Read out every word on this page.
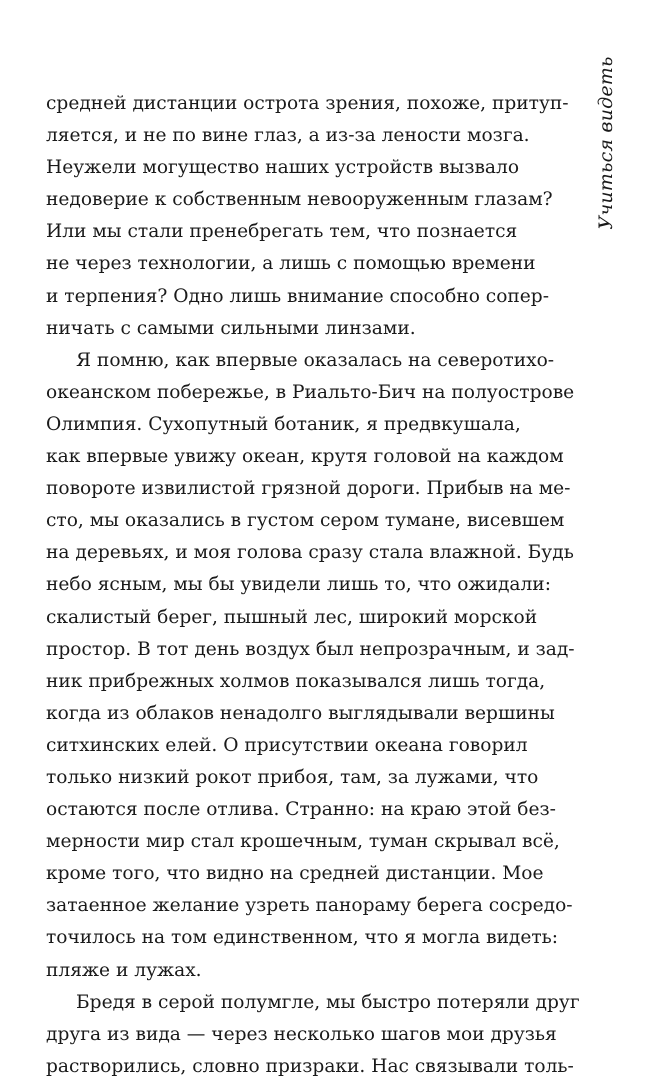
Учиться видеть
средней дистанции острота зрения, похоже, притуп-
ляется, и не по вине глаз, а из-за лености мозга.
Неужели могущество наших устройств вызвало
недоверие к собственным невооруженным глазам?
Или мы стали пренебрегать тем, что познается
не через технологии, а лишь с помощью времени
и терпения? Одно лишь внимание способно сопер-
ничать с самыми сильными линзами.
Я помню, как впервые оказалась на северотихо-
океанском побережье, в Риальто-Бич на полуострове
Олимпия. Сухопутный ботаник, я предвкушала,
как впервые увижу океан, крутя головой на каждом
повороте извилистой грязной дороги. Прибыв на ме-
сто, мы оказались в густом сером тумане, висевшем
на деревьях, и моя голова сразу стала влажной. Будь
небо ясным, мы бы увидели лишь то, что ожидали:
скалистый берег, пышный лес, широкий морской
простор. В тот день воздух был непрозрачным, и зад-
ник прибрежных холмов показывался лишь тогда,
когда из облаков ненадолго выглядывали вершины
ситхинских елей. О присутствии океана говорил
только низкий рокот прибоя, там, за лужами, что
остаются после отлива. Странно: на краю этой без-
мерности мир стал крошечным, туман скрывал всё,
кроме того, что видно на средней дистанции. Мое
затаенное желание узреть панораму берега сосредо-
точилось на том единственном, что я могла видеть:
пляже и лужах.
Бредя в серой полумгле, мы быстро потеряли друг
друга из вида — через несколько шагов мои друзья
растворились, словно призраки. Нас связывали толь-
